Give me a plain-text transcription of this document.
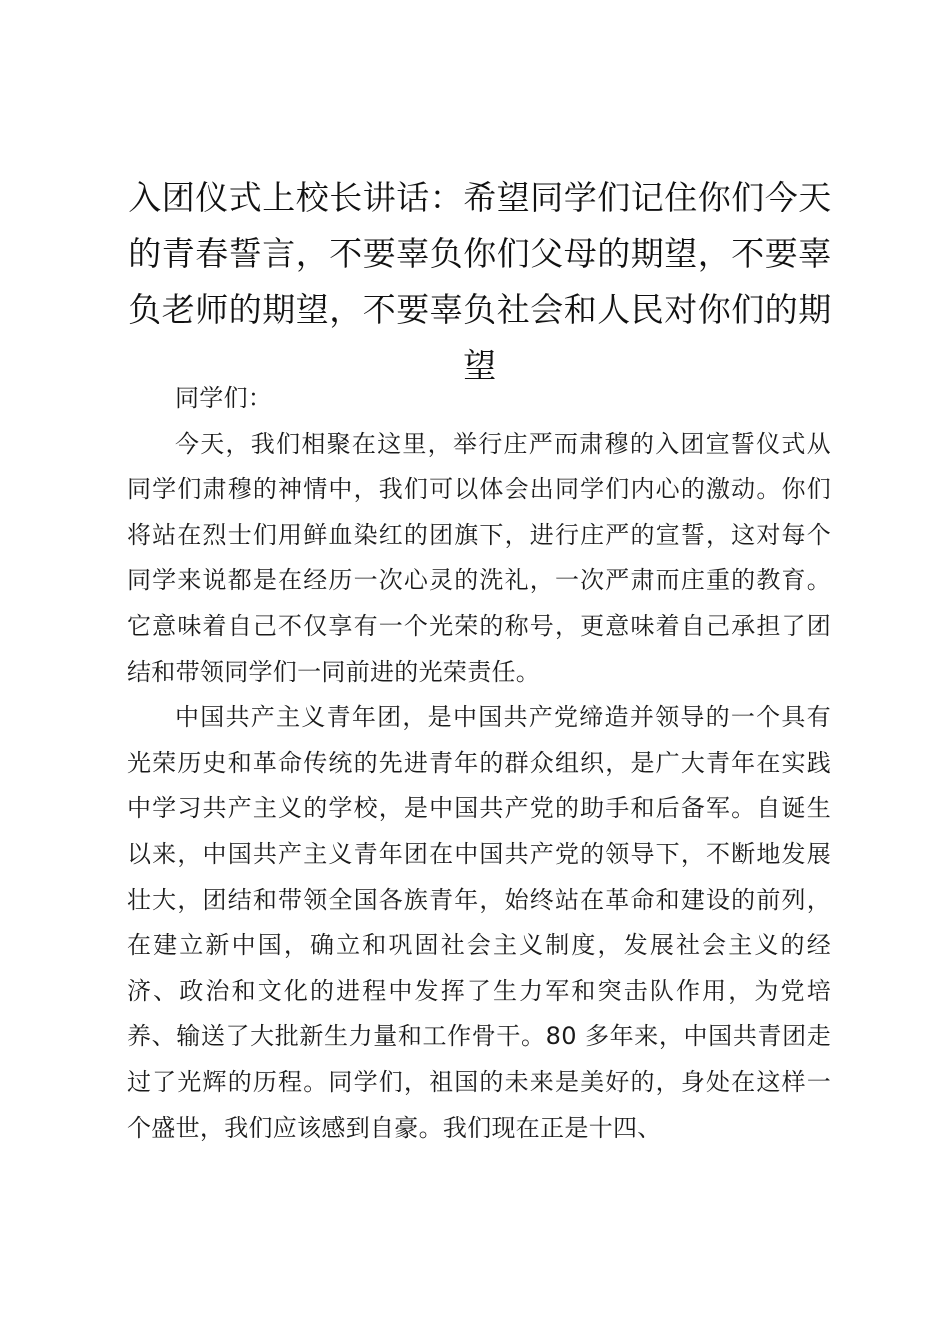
入团仪式上校长讲话：希望同学们记住你们今天的青春誓言，不要辜负你们父母的期望，不要辜负老师的期望，不要辜负社会和人民对你们的期望

同学们：

今天，我们相聚在这里，举行庄严而肃穆的入团宣誓仪式从同学们肃穆的神情中，我们可以体会出同学们内心的激动。你们将站在烈士们用鲜血染红的团旗下，进行庄严的宣誓，这对每个同学来说都是在经历一次心灵的洗礼，一次严肃而庄重的教育。它意味着自己不仅享有一个光荣的称号，更意味着自己承担了团结和带领同学们一同前进的光荣责任。

中国共产主义青年团，是中国共产党缔造并领导的一个具有光荣历史和革命传统的先进青年的群众组织，是广大青年在实践中学习共产主义的学校，是中国共产党的助手和后备军。自诞生以来，中国共产主义青年团在中国共产党的领导下，不断地发展壮大，团结和带领全国各族青年，始终站在革命和建设的前列，在建立新中国，确立和巩固社会主义制度，发展社会主义的经济、政治和文化的进程中发挥了生力军和突击队作用，为党培养、输送了大批新生力量和工作骨干。80 多年来，中国共青团走过了光辉的历程。同学们，祖国的未来是美好的，身处在这样一个盛世，我们应该感到自豪。我们现在正是十四、
